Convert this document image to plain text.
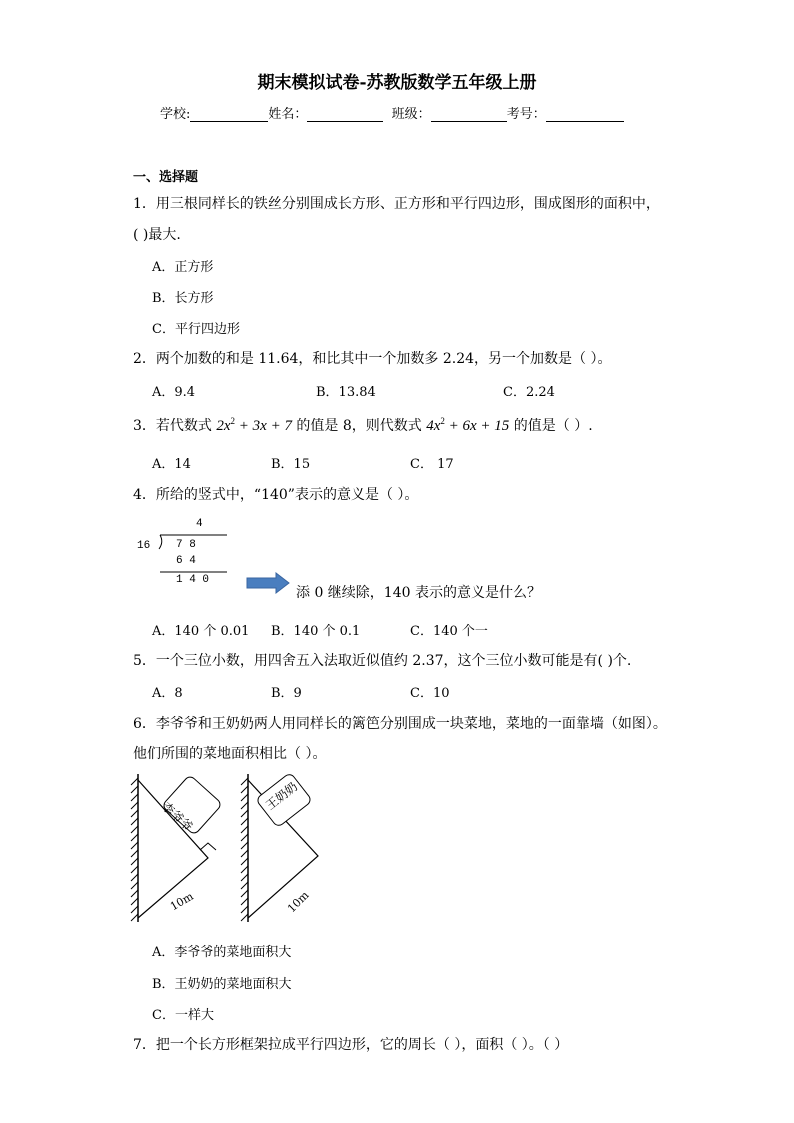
期末模拟试卷-苏教版数学五年级上册
学校:	姓名：	班级：	考号：
一、选择题
1．用三根同样长的铁丝分别围成长方形、正方形和平行四边形，围成图形的面积中，
( )最大.
A．正方形
B．长方形
C．平行四边形
2．两个加数的和是 11.64，和比其中一个加数多 2.24，另一个加数是（ ）。
A．9.4	B．13.84	C．2.24
3．若代数式 $2x^2 + 3x + 7$ 的值是 8，则代数式 $4x^2 + 6x + 15$ 的值是（ ）.
A．14	B．15	C． 17
4．所给的竖式中，“140”表示的意义是（ ）。
4
16 7 8
6 4
1 4 0
添 0 继续除，140 表示的意义是什么？
A．140 个 0.01 B．140 个 0.1	C．140 个一
5．一个三位小数，用四舍五入法取近似值约 2.37，这个三位小数可能是有( )个.
A．8	B．9	C．10
6．李爷爷和王奶奶两人用同样长的篱笆分别围成一块菜地，菜地的一面靠墙（如图）。
他们所围的菜地面积相比（ ）。
李爷爷
王奶奶
10m	10m
A．李爷爷的菜地面积大
B．王奶奶的菜地面积大
C．一样大
7．把一个长方形框架拉成平行四边形，它的周长（ ），面积（ ）。（ ）
